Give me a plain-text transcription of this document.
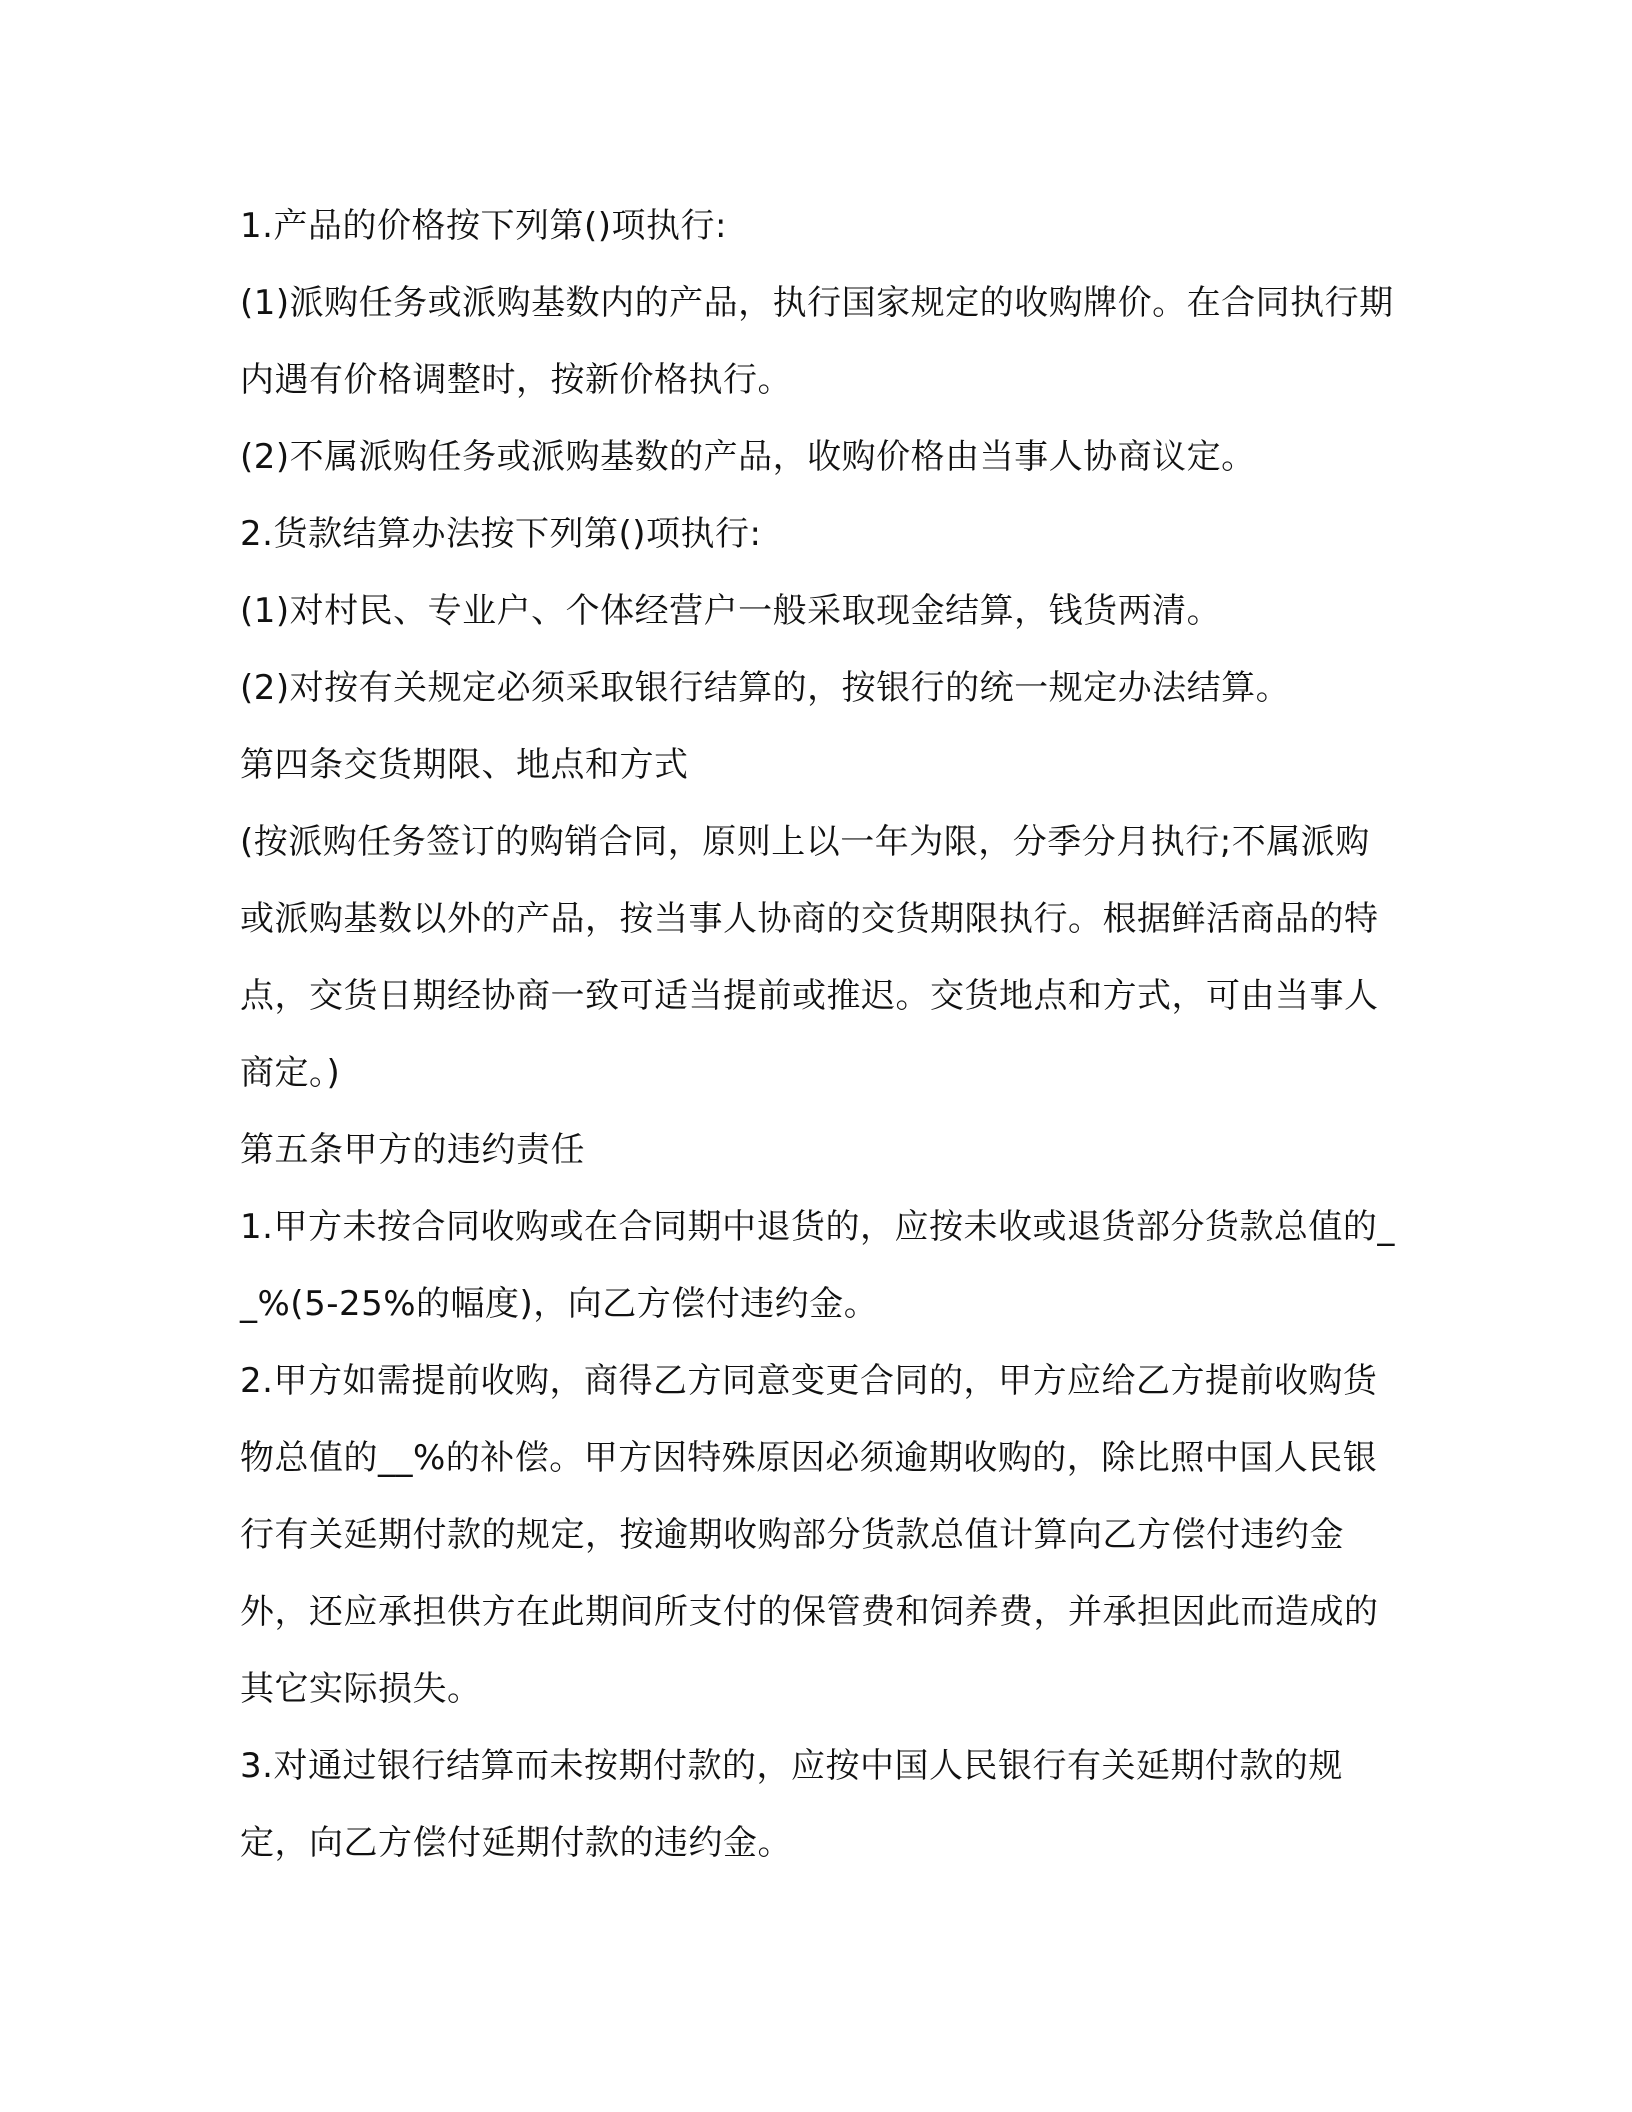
1.产品的价格按下列第()项执行:

(1)派购任务或派购基数内的产品，执行国家规定的收购牌价。在合同执行期内遇有价格调整时，按新价格执行。

(2)不属派购任务或派购基数的产品，收购价格由当事人协商议定。

2.货款结算办法按下列第()项执行:

(1)对村民、专业户、个体经营户一般采取现金结算，钱货两清。

(2)对按有关规定必须采取银行结算的，按银行的统一规定办法结算。

第四条交货期限、地点和方式

(按派购任务签订的购销合同，原则上以一年为限，分季分月执行;不属派购或派购基数以外的产品，按当事人协商的交货期限执行。根据鲜活商品的特点，交货日期经协商一致可适当提前或推迟。交货地点和方式，可由当事人商定。)

第五条甲方的违约责任

1.甲方未按合同收购或在合同期中退货的，应按未收或退货部分货款总值的__%(5-25%的幅度)，向乙方偿付违约金。

2.甲方如需提前收购，商得乙方同意变更合同的，甲方应给乙方提前收购货物总值的__%的补偿。甲方因特殊原因必须逾期收购的，除比照中国人民银行有关延期付款的规定，按逾期收购部分货款总值计算向乙方偿付违约金外，还应承担供方在此期间所支付的保管费和饲养费，并承担因此而造成的其它实际损失。

3.对通过银行结算而未按期付款的，应按中国人民银行有关延期付款的规定，向乙方偿付延期付款的违约金。
